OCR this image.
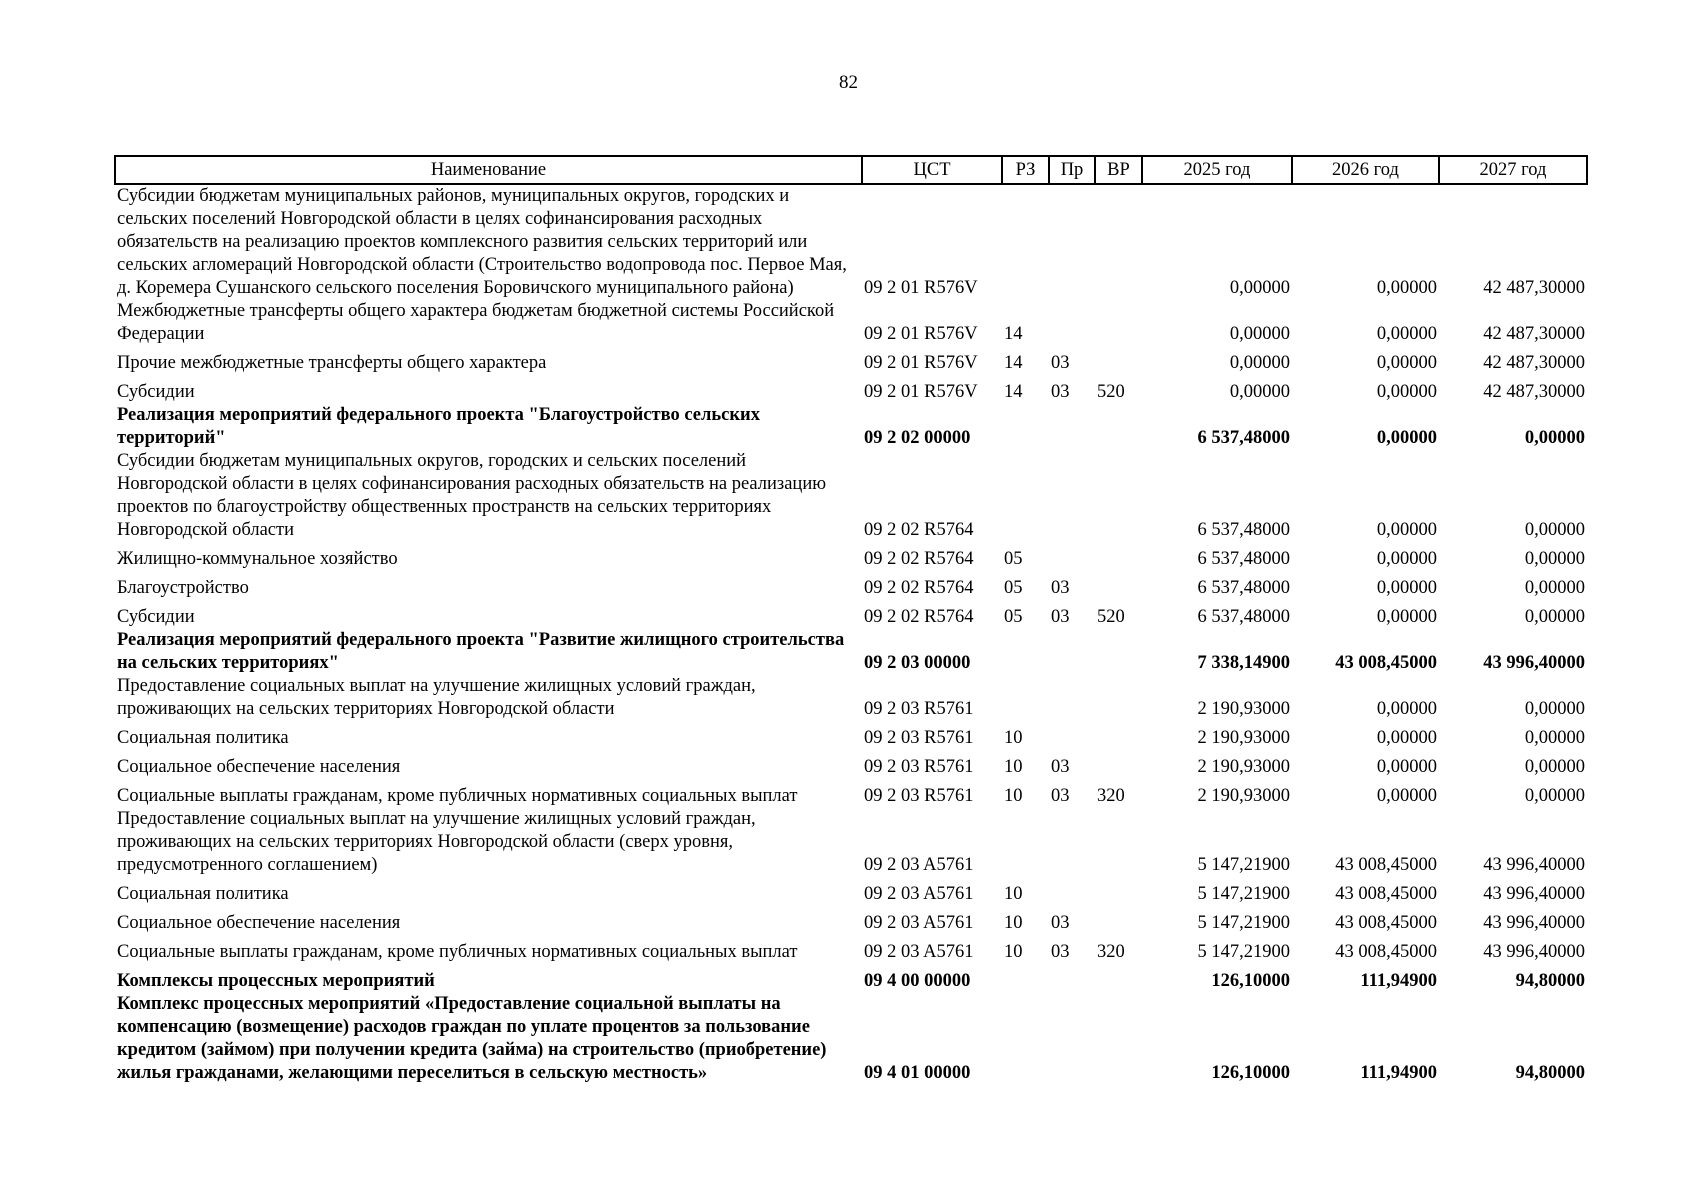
82
Наименование	ЦСТ	РЗ	Пр	ВР	2025 год	2026 год	2027 год
Субсидии бюджетам муниципальных районов, муниципальных округов, городских и сельских поселений Новгородской области в целях софинансирования расходных обязательств на реализацию проектов комплексного развития сельских территорий или сельских агломераций Новгородской области (Строительство водопровода пос. Первое Мая, д. Коремера Сушанского сельского поселения Боровичского муниципального района)	09 2 01 R576V				0,00000	0,00000	42 487,30000
Межбюджетные трансферты общего характера бюджетам бюджетной системы Российской Федерации	09 2 01 R576V	14			0,00000	0,00000	42 487,30000
Прочие межбюджетные трансферты общего характера	09 2 01 R576V	14	03		0,00000	0,00000	42 487,30000
Субсидии	09 2 01 R576V	14	03	520	0,00000	0,00000	42 487,30000
Реализация мероприятий федерального проекта "Благоустройство сельских территорий"	09 2 02 00000				6 537,48000	0,00000	0,00000
Субсидии бюджетам муниципальных округов, городских и сельских поселений Новгородской области в целях софинансирования расходных обязательств на реализацию проектов по благоустройству общественных пространств на сельских территориях Новгородской области	09 2 02 R5764				6 537,48000	0,00000	0,00000
Жилищно-коммунальное хозяйство	09 2 02 R5764	05			6 537,48000	0,00000	0,00000
Благоустройство	09 2 02 R5764	05	03		6 537,48000	0,00000	0,00000
Субсидии	09 2 02 R5764	05	03	520	6 537,48000	0,00000	0,00000
Реализация мероприятий федерального проекта "Развитие жилищного строительства на сельских территориях"	09 2 03 00000				7 338,14900	43 008,45000	43 996,40000
Предоставление социальных выплат на улучшение жилищных условий граждан, проживающих на сельских территориях Новгородской области	09 2 03 R5761				2 190,93000	0,00000	0,00000
Социальная политика	09 2 03 R5761	10			2 190,93000	0,00000	0,00000
Социальное обеспечение населения	09 2 03 R5761	10	03		2 190,93000	0,00000	0,00000
Социальные выплаты гражданам, кроме публичных нормативных социальных выплат	09 2 03 R5761	10	03	320	2 190,93000	0,00000	0,00000
Предоставление социальных выплат на улучшение жилищных условий граждан, проживающих на сельских территориях Новгородской области (сверх уровня, предусмотренного соглашением)	09 2 03 A5761				5 147,21900	43 008,45000	43 996,40000
Социальная политика	09 2 03 A5761	10			5 147,21900	43 008,45000	43 996,40000
Социальное обеспечение населения	09 2 03 A5761	10	03		5 147,21900	43 008,45000	43 996,40000
Социальные выплаты гражданам, кроме публичных нормативных социальных выплат	09 2 03 A5761	10	03	320	5 147,21900	43 008,45000	43 996,40000
Комплексы процессных мероприятий	09 4 00 00000				126,10000	111,94900	94,80000
Комплекс процессных мероприятий «Предоставление социальной выплаты на компенсацию (возмещение) расходов граждан по уплате процентов за пользование кредитом (займом) при получении кредита (займа) на строительство (приобретение) жилья гражданами, желающими переселиться в сельскую местность»	09 4 01 00000				126,10000	111,94900	94,80000
